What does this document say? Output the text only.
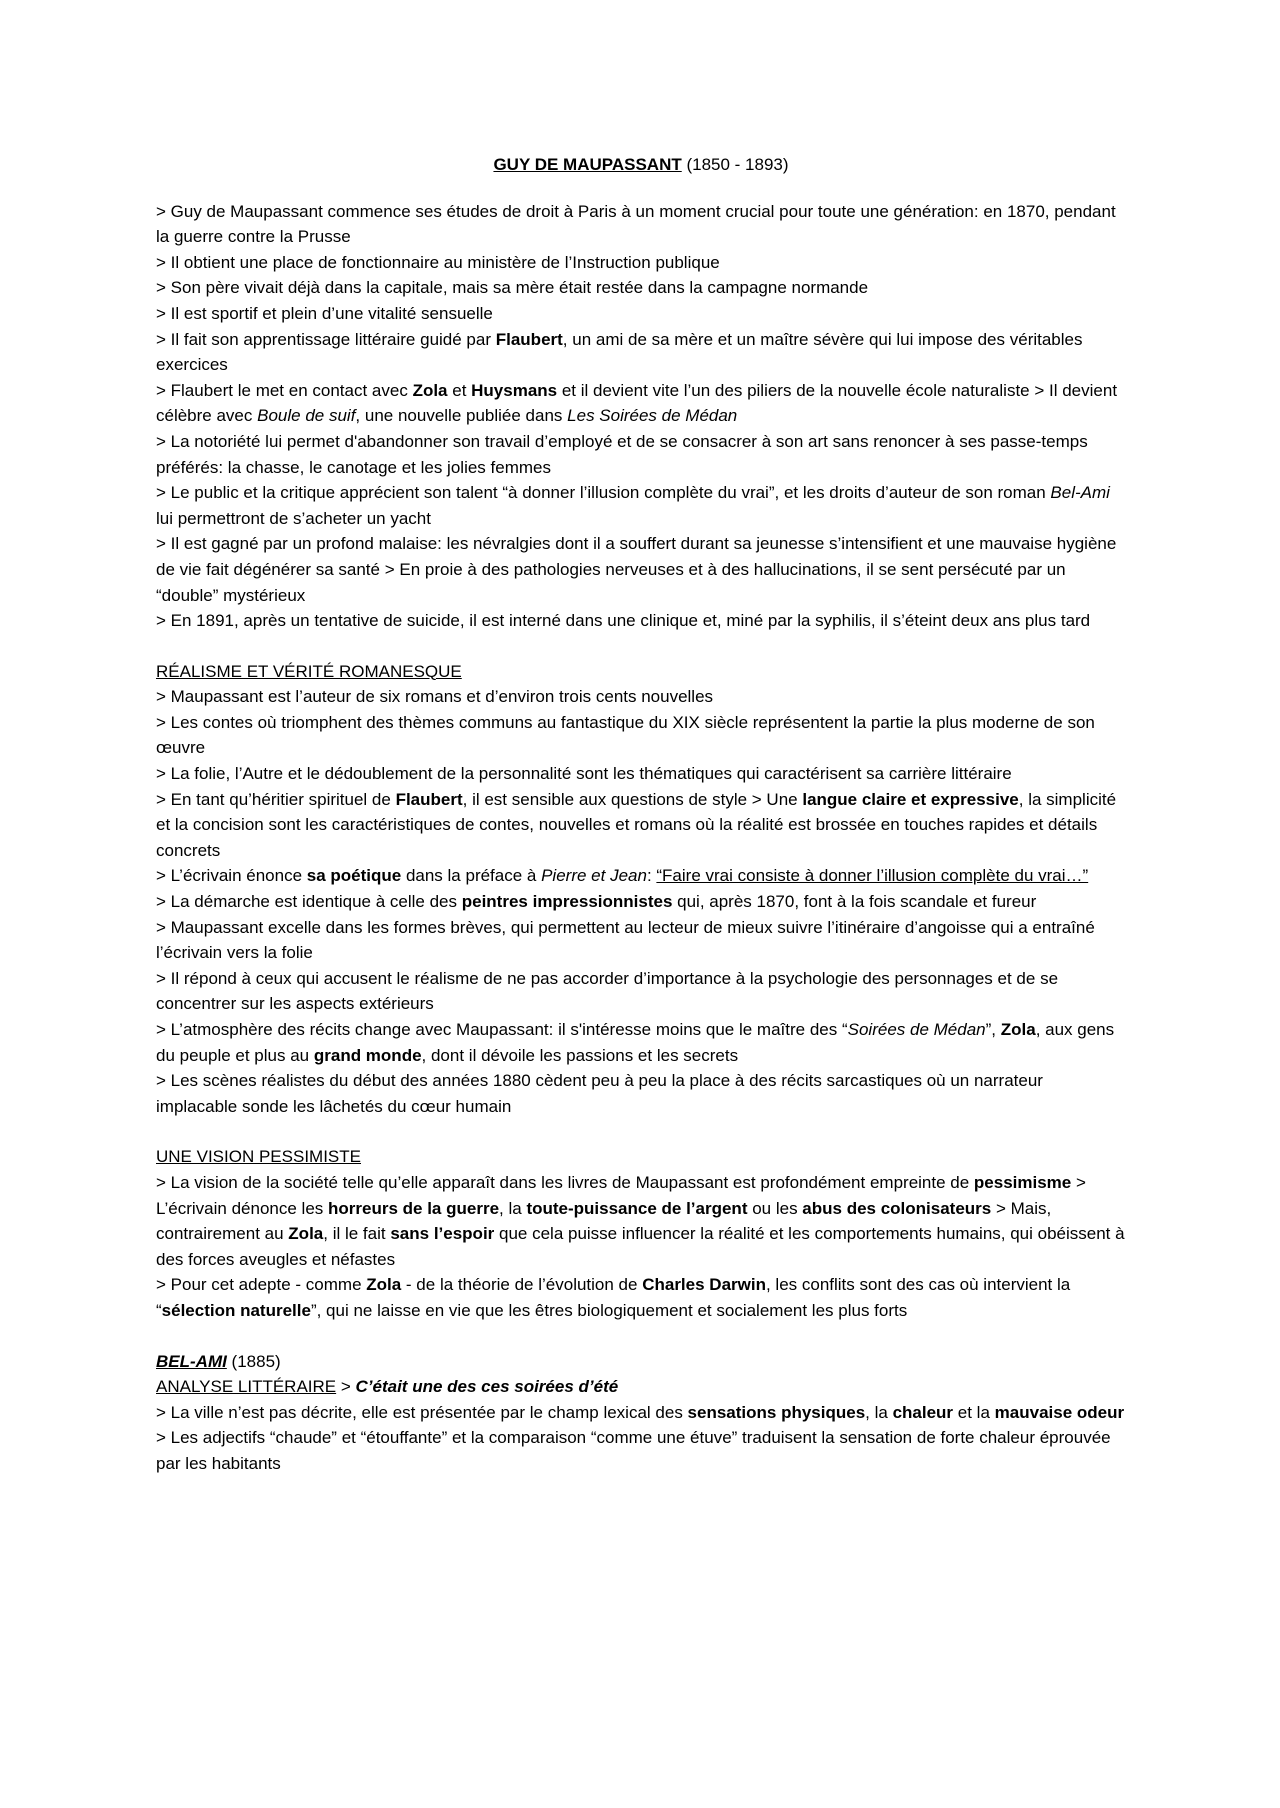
GUY DE MAUPASSANT (1850 - 1893)

> Guy de Maupassant commence ses études de droit à Paris à un moment crucial pour toute une génération: en 1870, pendant la guerre contre la Prusse

> Il obtient une place de fonctionnaire au ministère de l’Instruction publique

> Son père vivait déjà dans la capitale, mais sa mère était restée dans la campagne normande

> Il est sportif et plein d’une vitalité sensuelle

> Il fait son apprentissage littéraire guidé par Flaubert, un ami de sa mère et un maître sévère qui lui impose des véritables exercices

> Flaubert le met en contact avec Zola et Huysmans et il devient vite l’un des piliers de la nouvelle école naturaliste > Il devient célèbre avec Boule de suif, une nouvelle publiée dans Les Soirées de Médan

> La notoriété lui permet d'abandonner son travail d’employé et de se consacrer à son art sans renoncer à ses passe-temps préférés: la chasse, le canotage et les jolies femmes

> Le public et la critique apprécient son talent “à donner l’illusion complète du vrai”, et les droits d’auteur de son roman Bel-Ami lui permettront de s’acheter un yacht

> Il est gagné par un profond malaise: les névralgies dont il a souffert durant sa jeunesse s’intensifient et une mauvaise hygiène de vie fait dégénérer sa santé > En proie à des pathologies nerveuses et à des hallucinations, il se sent persécuté par un “double” mystérieux

> En 1891, après un tentative de suicide, il est interné dans une clinique et, miné par la syphilis, il s’éteint deux ans plus tard

RÉALISME ET VÉRITÉ ROMANESQUE

> Maupassant est l’auteur de six romans et d’environ trois cents nouvelles

> Les contes où triomphent des thèmes communs au fantastique du XIX siècle représentent la partie la plus moderne de son œuvre

> La folie, l’Autre et le dédoublement de la personnalité sont les thématiques qui caractérisent sa carrière littéraire

> En tant qu’héritier spirituel de Flaubert, il est sensible aux questions de style > Une langue claire et expressive, la simplicité et la concision sont les caractéristiques de contes, nouvelles et romans où la réalité est brossée en touches rapides et détails concrets

> L’écrivain énonce sa poétique dans la préface à Pierre et Jean: “Faire vrai consiste à donner l’illusion complète du vrai…”

> La démarche est identique à celle des peintres impressionnistes qui, après 1870, font à la fois scandale et fureur

> Maupassant excelle dans les formes brèves, qui permettent au lecteur de mieux suivre l’itinéraire d’angoisse qui a entraîné l’écrivain vers la folie

> Il répond à ceux qui accusent le réalisme de ne pas accorder d’importance à la psychologie des personnages et de se concentrer sur les aspects extérieurs

> L’atmosphère des récits change avec Maupassant: il s'intéresse moins que le maître des “Soirées de Médan”, Zola, aux gens du peuple et plus au grand monde, dont il dévoile les passions et les secrets

> Les scènes réalistes du début des années 1880 cèdent peu à peu la place à des récits sarcastiques où un narrateur implacable sonde les lâchetés du cœur humain

UNE VISION PESSIMISTE

> La vision de la société telle qu’elle apparaît dans les livres de Maupassant est profondément empreinte de pessimisme > L’écrivain dénonce les horreurs de la guerre, la toute-puissance de l’argent ou les abus des colonisateurs > Mais, contrairement au Zola, il le fait sans l’espoir que cela puisse influencer la réalité et les comportements humains, qui obéissent à des forces aveugles et néfastes

> Pour cet adepte - comme Zola - de la théorie de l’évolution de Charles Darwin, les conflits sont des cas où intervient la “sélection naturelle”, qui ne laisse en vie que les êtres biologiquement et socialement les plus forts

BEL-AMI (1885)

ANALYSE LITTÉRAIRE > C’était une des ces soirées d’été

> La ville n’est pas décrite, elle est présentée par le champ lexical des sensations physiques, la chaleur et la mauvaise odeur

> Les adjectifs “chaude” et “étouffante” et la comparaison “comme une étuve” traduisent la sensation de forte chaleur éprouvée par les habitants
